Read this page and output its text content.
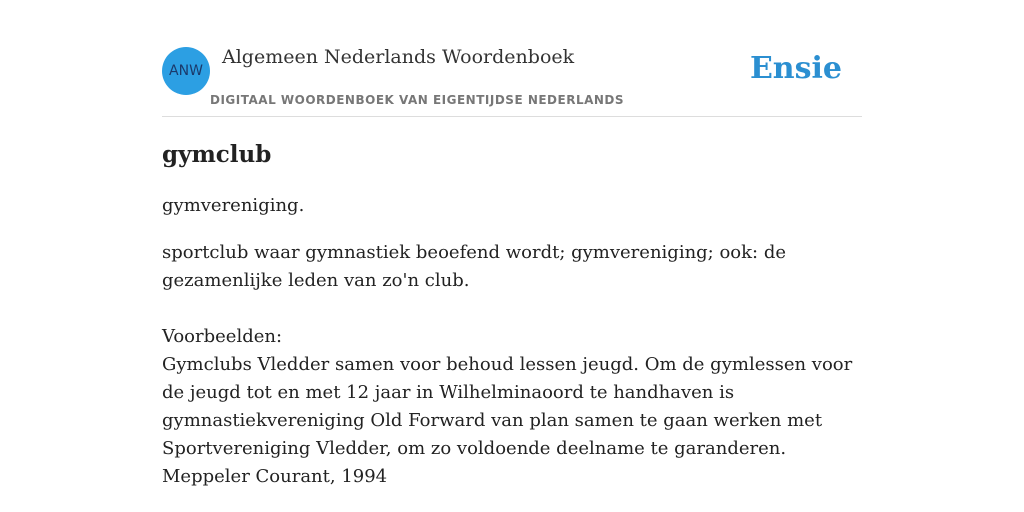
ANW
Algemeen Nederlands Woordenboek
DIGITAAL WOORDENBOEK VAN EIGENTIJDSE NEDERLANDS
Ensie
gymclub
gymvereniging.
sportclub waar gymnastiek beoefend wordt; gymvereniging; ook: de gezamenlijke leden van zo'n club.
Voorbeelden:
Gymclubs Vledder samen voor behoud lessen jeugd. Om de gymlessen voor de jeugd tot en met 12 jaar in Wilhelminaoord te handhaven is gymnastiekvereniging Old Forward van plan samen te gaan werken met Sportvereniging Vledder, om zo voldoende deelname te garanderen.
Meppeler Courant, 1994
